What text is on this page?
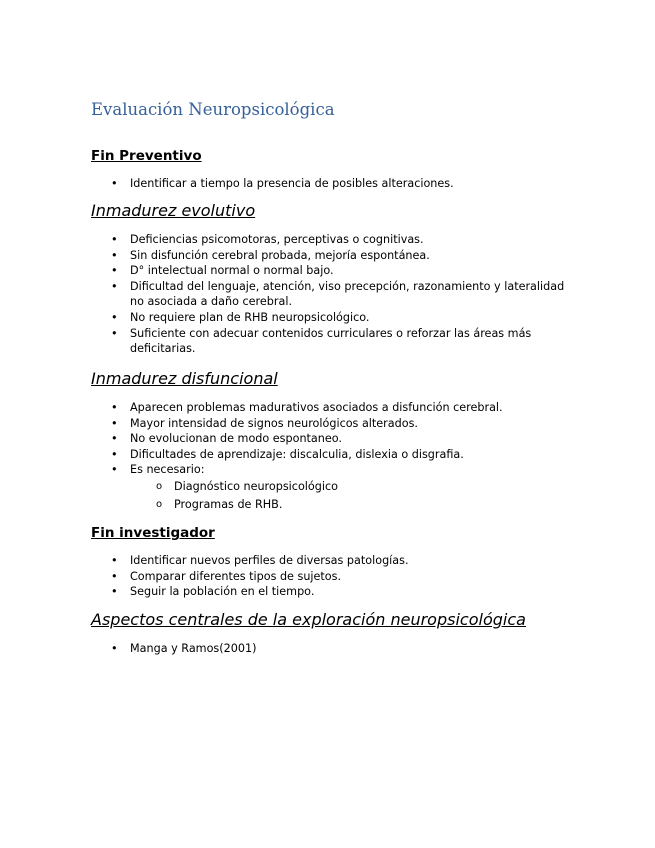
Evaluación Neuropsicológica
Fin Preventivo
• Identificar a tiempo la presencia de posibles alteraciones.
Inmadurez evolutivo
• Deficiencias psicomotoras, perceptivas o cognitivas.
• Sin disfunción cerebral probada, mejoría espontánea.
• D° intelectual normal o normal bajo.
• Dificultad del lenguaje, atención, viso precepción, razonamiento y lateralidad no asociada a daño cerebral.
• No requiere plan de RHB neuropsicológico.
• Suficiente con adecuar contenidos curriculares o reforzar las áreas más deficitarias.
Inmadurez disfuncional
• Aparecen problemas madurativos asociados a disfunción cerebral.
• Mayor intensidad de signos neurológicos alterados.
• No evolucionan de modo espontaneo.
• Dificultades de aprendizaje: discalculia, dislexia o disgrafia.
• Es necesario:
o Diagnóstico neuropsicológico
o Programas de RHB.
Fin investigador
• Identificar nuevos perfiles de diversas patologías.
• Comparar diferentes tipos de sujetos.
• Seguir la población en el tiempo.
Aspectos centrales de la exploración neuropsicológica
• Manga y Ramos(2001)
